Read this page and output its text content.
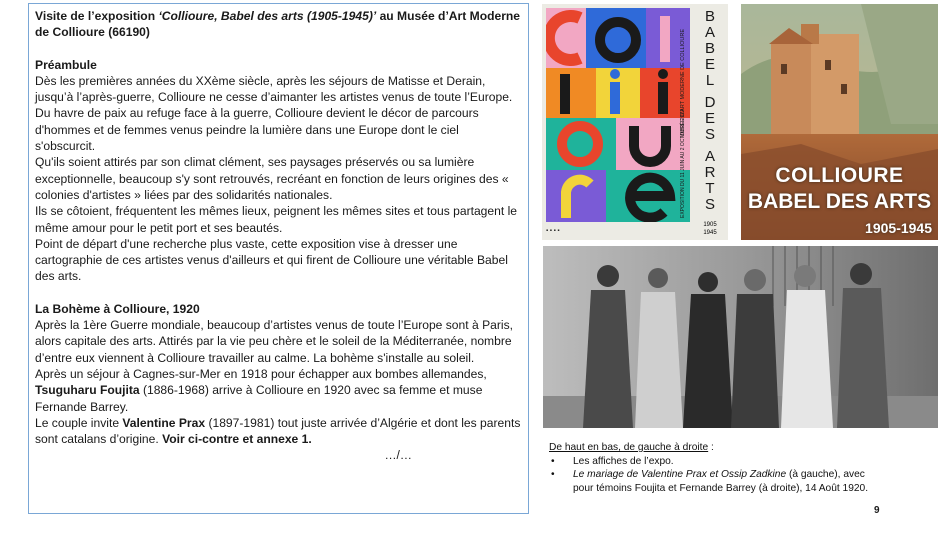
Visite de l’exposition ‘Collioure, Babel des arts (1905-1945)’ au Musée d’Art Moderne de Collioure (66190)

Préambule

Dès les premières années du XXème siècle, après les séjours de Matisse et Derain, jusqu’à l’après-guerre, Collioure ne cesse d’aimanter les artistes venus de toute l’Europe.

Du havre de paix au refuge face à la guerre, Collioure devient le décor de parcours d'hommes et de femmes venus peindre la lumière dans une Europe dont le ciel s'obscurcit.

Qu'ils soient attirés par son climat clément, ses paysages préservés ou sa lumière exceptionnelle, beaucoup s'y sont retrouvés, recréant en fonction de leurs origines des « colonies d'artistes » liées par des solidarités nationales.

Ils se côtoient, fréquentent les mêmes lieux, peignent les mêmes sites et tous partagent le même amour pour le petit port et ses beautés.

Point de départ d'une recherche plus vaste, cette exposition vise à dresser une cartographie de ces artistes venus d'ailleurs et qui firent de Collioure une véritable Babel des arts.

La Bohème à Collioure, 1920

Après la 1ère Guerre mondiale, beaucoup d’artistes venus de toute l’Europe sont à Paris, alors capitale des arts. Attirés par la vie peu chère et le soleil de la Méditerranée, nombre d’entre eux viennent à Collioure travailler au calme. La bohème s'installe au soleil.

Après un séjour à Cagnes-sur-Mer en 1918 pour échapper aux bombes allemandes, Tsuguharu Foujita (1886-1968) arrive à Collioure en 1920 avec sa femme et muse Fernande Barrey.

Le couple invite Valentine Prax (1897-1981) tout juste arrivée d’Algérie et dont les parents sont catalans d’origine. Voir ci-contre et annexe 1.

…/…

MUSÉE D'ART MODERNE DE COLLIOURE
EXPOSITION DU 11 JUIN AU 2 OCTOBRE 2022
B
A
B
E
L
D
E
S
A
R
T
S
1905
1945
▪ ▪ ▪ ▪
COLLIOURE
BABEL DES ARTS
1905-1945

De haut en bas, de gauche à droite :

• Les affiches de l’expo.

• Le mariage de Valentine Prax et Ossip Zadkine (à gauche), avec pour témoins Foujita et Fernande Barrey (à droite), 14 Août 1920.

9
